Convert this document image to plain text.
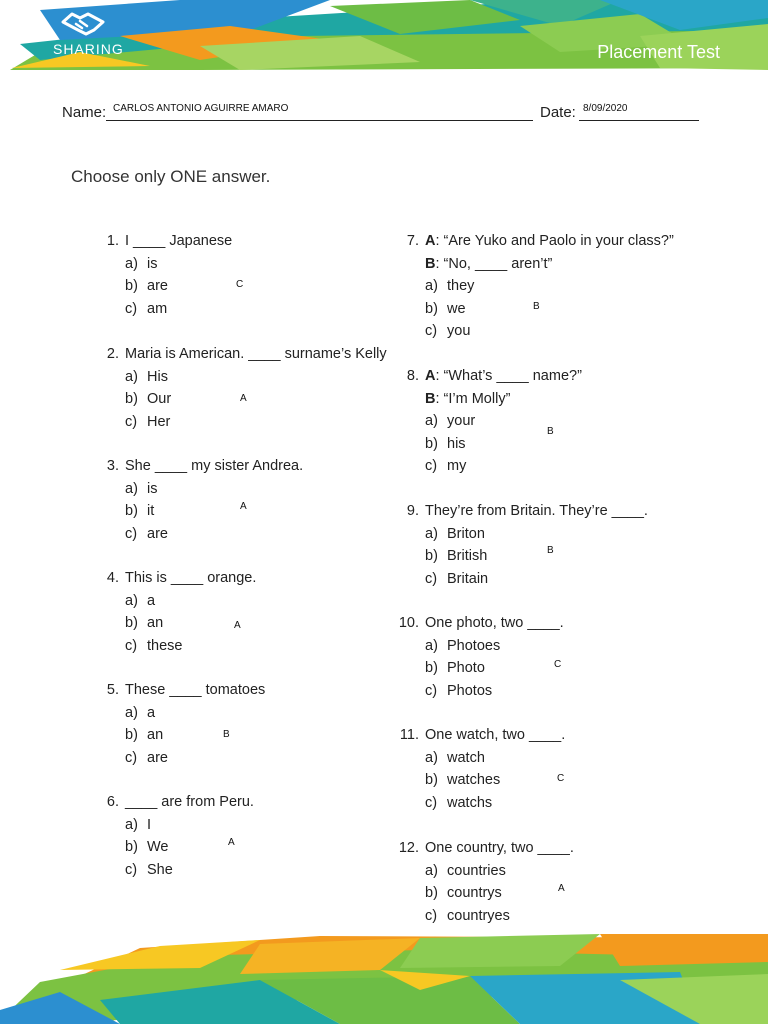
SHARING	Placement Test
Name: CARLOS ANTONIO AGUIRRE AMARO	Date: 8/09/2020
Choose only ONE answer.
1. I ____ Japanese
a) is
b) are
c) am
C
2. Maria is American. ____ surname’s Kelly
a) His
b) Our
c) Her
A
3. She ____ my sister Andrea.
a) is
b) it
c) are
A
4. This is ____ orange.
a) a
b) an
c) these
A
5. These ____ tomatoes
a) a
b) an
c) are
B
6. ____ are from Peru.
a) I
b) We
c) She
A
7. A: “Are Yuko and Paolo in your class?”
B: “No, ____ aren’t”
a) they
b) we
c) you
B
8. A: “What’s ____ name?”
B: “I’m Molly”
a) your
b) his
c) my
B
9. They’re from Britain. They’re ____.
a) Briton
b) British
c) Britain
B
10. One photo, two ____.
a) Photoes
b) Photo
c) Photos
C
11. One watch, two ____.
a) watch
b) watches
c) watchs
C
12. One country, two ____.
a) countries
b) countrys
c) countryes
A
